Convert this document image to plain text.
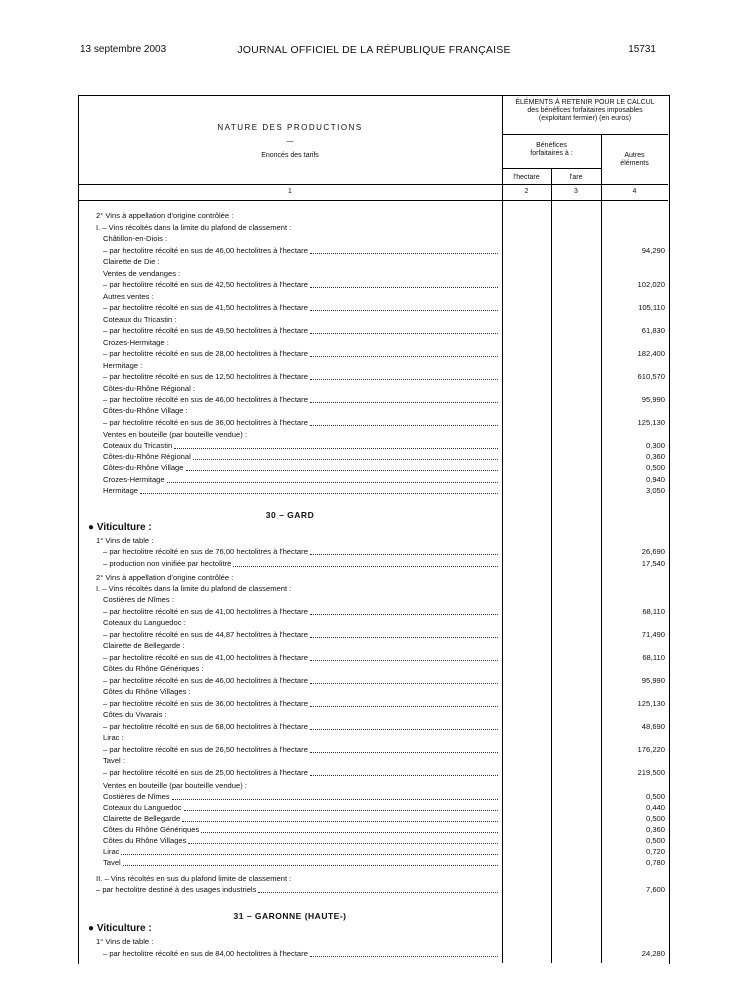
13 septembre 2003	JOURNAL OFFICIEL DE LA RÉPUBLIQUE FRANÇAISE	15731
NATURE DES PRODUCTIONS
—
Enoncés des tarifs
ÉLÉMENTS À RETENIR POUR LE CALCUL
des bénéfices forfaitaires imposables
(exploitant fermier) (en euros)
Bénéfices
forfaitaires à :	Autres
éléments
l'hectare	l'are
1	2	3	4
2° Vins à appellation d'origine contrôlée :
I. – Vins récoltés dans la limite du plafond de classement :
Châtillon-en-Diois :
– par hectolitre récolté en sus de 46,00 hectolitres à l'hectare	94,290
Clairette de Die :
Ventes de vendanges :
– par hectolitre récolté en sus de 42,50 hectolitres à l'hectare	102,020
Autres ventes :
– par hectolitre récolté en sus de 41,50 hectolitres à l'hectare	105,110
Coteaux du Tricastin :
– par hectolitre récolté en sus de 49,50 hectolitres à l'hectare	61,830
Crozes-Hermitage :
– par hectolitre récolté en sus de 28,00 hectolitres à l'hectare	182,400
Hermitage :
– par hectolitre récolté en sus de 12,50 hectolitres à l'hectare	610,570
Côtes-du-Rhône Régional :
– par hectolitre récolté en sus de 46,00 hectolitres à l'hectare	95,990
Côtes-du-Rhône Village :
– par hectolitre récolté en sus de 36,00 hectolitres à l'hectare	125,130
Ventes en bouteille (par bouteille vendue) :
Coteaux du Tricastin	0,300
Côtes-du-Rhône Régional	0,360
Côtes-du-Rhône Village	0,500
Crozes-Hermitage	0,940
Hermitage	3,050
1° Vins de table :
– par hectolitre récolté en sus de 76,00 hectolitres à l'hectare	26,690
– production non vinifiée par hectolitre	17,540
2° Vins à appellation d'origine contrôlée :
I. – Vins récoltés dans la limite du plafond de classement :
Costières de Nîmes :
– par hectolitre récolté en sus de 41,00 hectolitres à l'hectare	68,110
Coteaux du Languedoc :
– par hectolitre récolté en sus de 44,87 hectolitres à l'hectare	71,490
Clairette de Bellegarde :
– par hectolitre récolté en sus de 41,00 hectolitres à l'hectare	68,110
Côtes du Rhône Génériques :
– par hectolitre récolté en sus de 46,00 hectolitres à l'hectare	95,990
Côtes du Rhône Villages :
– par hectolitre récolté en sus de 36,00 hectolitres à l'hectare	125,130
Côtes du Vivarais :
– par hectolitre récolté en sus de 68,00 hectolitres à l'hectare	48,690
Lirac :
– par hectolitre récolté en sus de 26,50 hectolitres à l'hectare	176,220
Tavel :
– par hectolitre récolté en sus de 25,00 hectolitres à l'hectare	219,500
Ventes en bouteille (par bouteille vendue) :
Costières de Nîmes	0,500
Coteaux du Languedoc	0,440
Clairette de Bellegarde	0,500
Côtes du Rhône Génériques	0,360
Côtes du Rhône Villages	0,500
Lirac	0,720
Tavel	0,780
II. – Vins récoltés en sus du plafond limite de classement :
– par hectolitre destiné à des usages industriels	7,600
1° Vins de table :
– par hectolitre récolté en sus de 84,00 hectolitres à l'hectare	24,280
30 – GARD
● Viticulture :
31 – GARONNE (HAUTE-)
● Viticulture :
